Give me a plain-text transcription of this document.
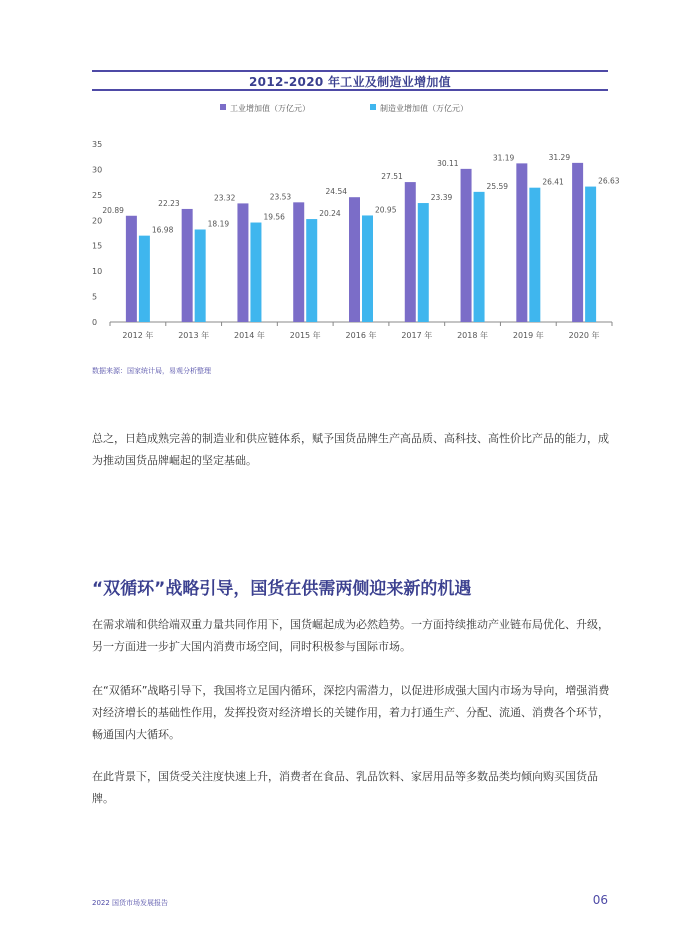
2012-2020 年工业及制造业增加值
工业增加值（万亿元）	制造业增加值（万亿元）
0
5
10
15
20
25
30
35
20.89
16.98
2012 年
22.23
18.19
2013 年
23.32
19.56
2014 年
23.53
20.24
2015 年
24.54
20.95
2016 年
27.51
23.39
2017 年
30.11
25.59
2018 年
31.19
26.41
2019 年
31.29
26.63
2020 年
数据来源：国家统计局，易观分析整理

总之，日趋成熟完善的制造业和供应链体系，赋予国货品牌生产高品质、高科技、高性价比产品的能力，成为推动国货品牌崛起的坚定基础。

“双循环”战略引导，国货在供需两侧迎来新的机遇

在需求端和供给端双重力量共同作用下，国货崛起成为必然趋势。一方面持续推动产业链布局优化、升级，另一方面进一步扩大国内消费市场空间，同时积极参与国际市场。

在“双循环”战略引导下，我国将立足国内循环，深挖内需潜力，以促进形成强大国内市场为导向，增强消费对经济增长的基础性作用，发挥投资对经济增长的关键作用，着力打通生产、分配、流通、消费各个环节，畅通国内大循环。

在此背景下，国货受关注度快速上升，消费者在食品、乳品饮料、家居用品等多数品类均倾向购买国货品牌。

2022 国货市场发展报告	06
